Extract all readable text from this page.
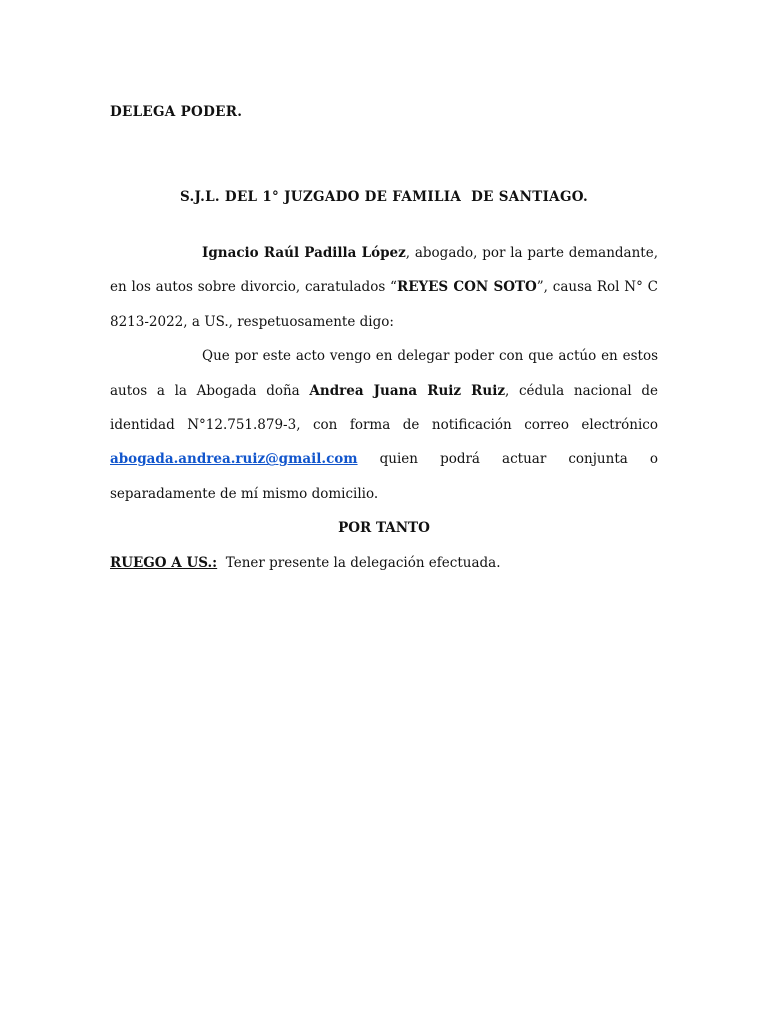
DELEGA PODER.
S.J.L. DEL 1° JUZGADO DE FAMILIA  DE SANTIAGO.

Ignacio Raúl Padilla López, abogado, por la parte demandante, en los autos sobre divorcio, caratulados “REYES CON SOTO”, causa Rol N° C 8213-2022, a US., respetuosamente digo:

Que por este acto vengo en delegar poder con que actúo en estos autos a la Abogada doña Andrea Juana Ruiz Ruiz, cédula nacional de identidad N°12.751.879-3, con forma de notificación correo electrónico abogada.andrea.ruiz@gmail.com quien podrá actuar conjunta o separadamente de mí mismo domicilio.

POR TANTO

RUEGO A US.:  Tener presente la delegación efectuada.
